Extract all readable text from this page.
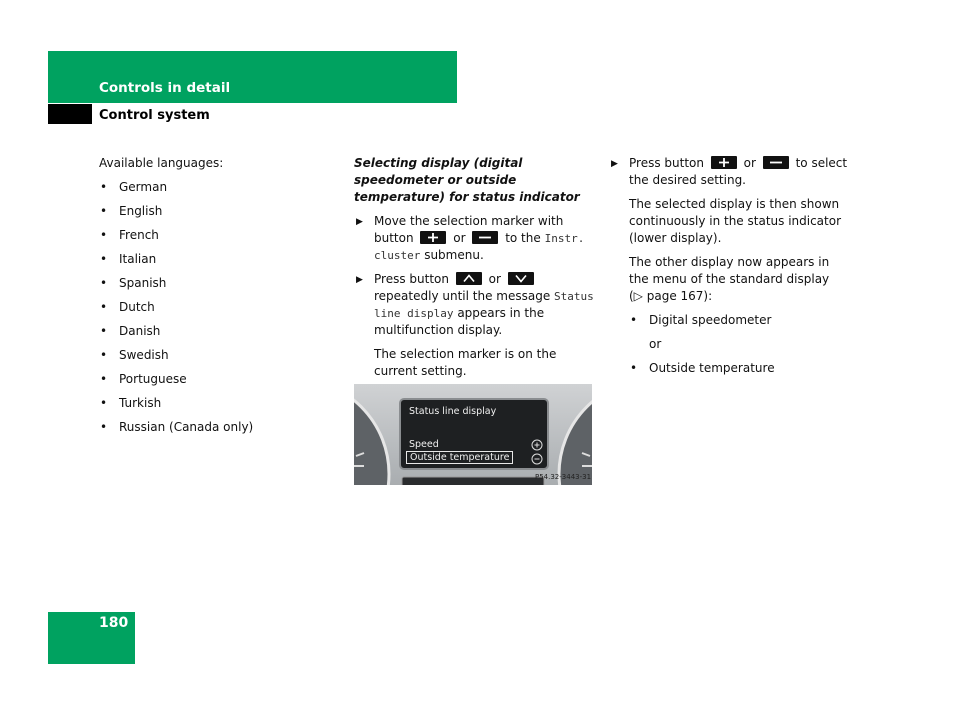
Controls in detail
Control system

Available languages:

• German
• English
• French
• Italian
• Spanish
• Dutch
• Danish
• Swedish
• Portuguese
• Turkish
• Russian (Canada only)
Selecting display (digital speedometer or outside temperature) for status indicator
▶ Move the selection marker with button	or	to the Instr. cluster submenu.
▶ Press button	or
repeatedly until the message Status line display appears in the multifunction display.

The selection marker is on the current setting.

Status line display
Speed
Outside temperature
P54.32-3443-31
▶ Press button	or	to select the desired setting.

The selected display is then shown continuously in the status indicator (lower display).

The other display now appears in the menu of the standard display
(▷ page 167):

• Digital speedometer

or

• Outside temperature
180
